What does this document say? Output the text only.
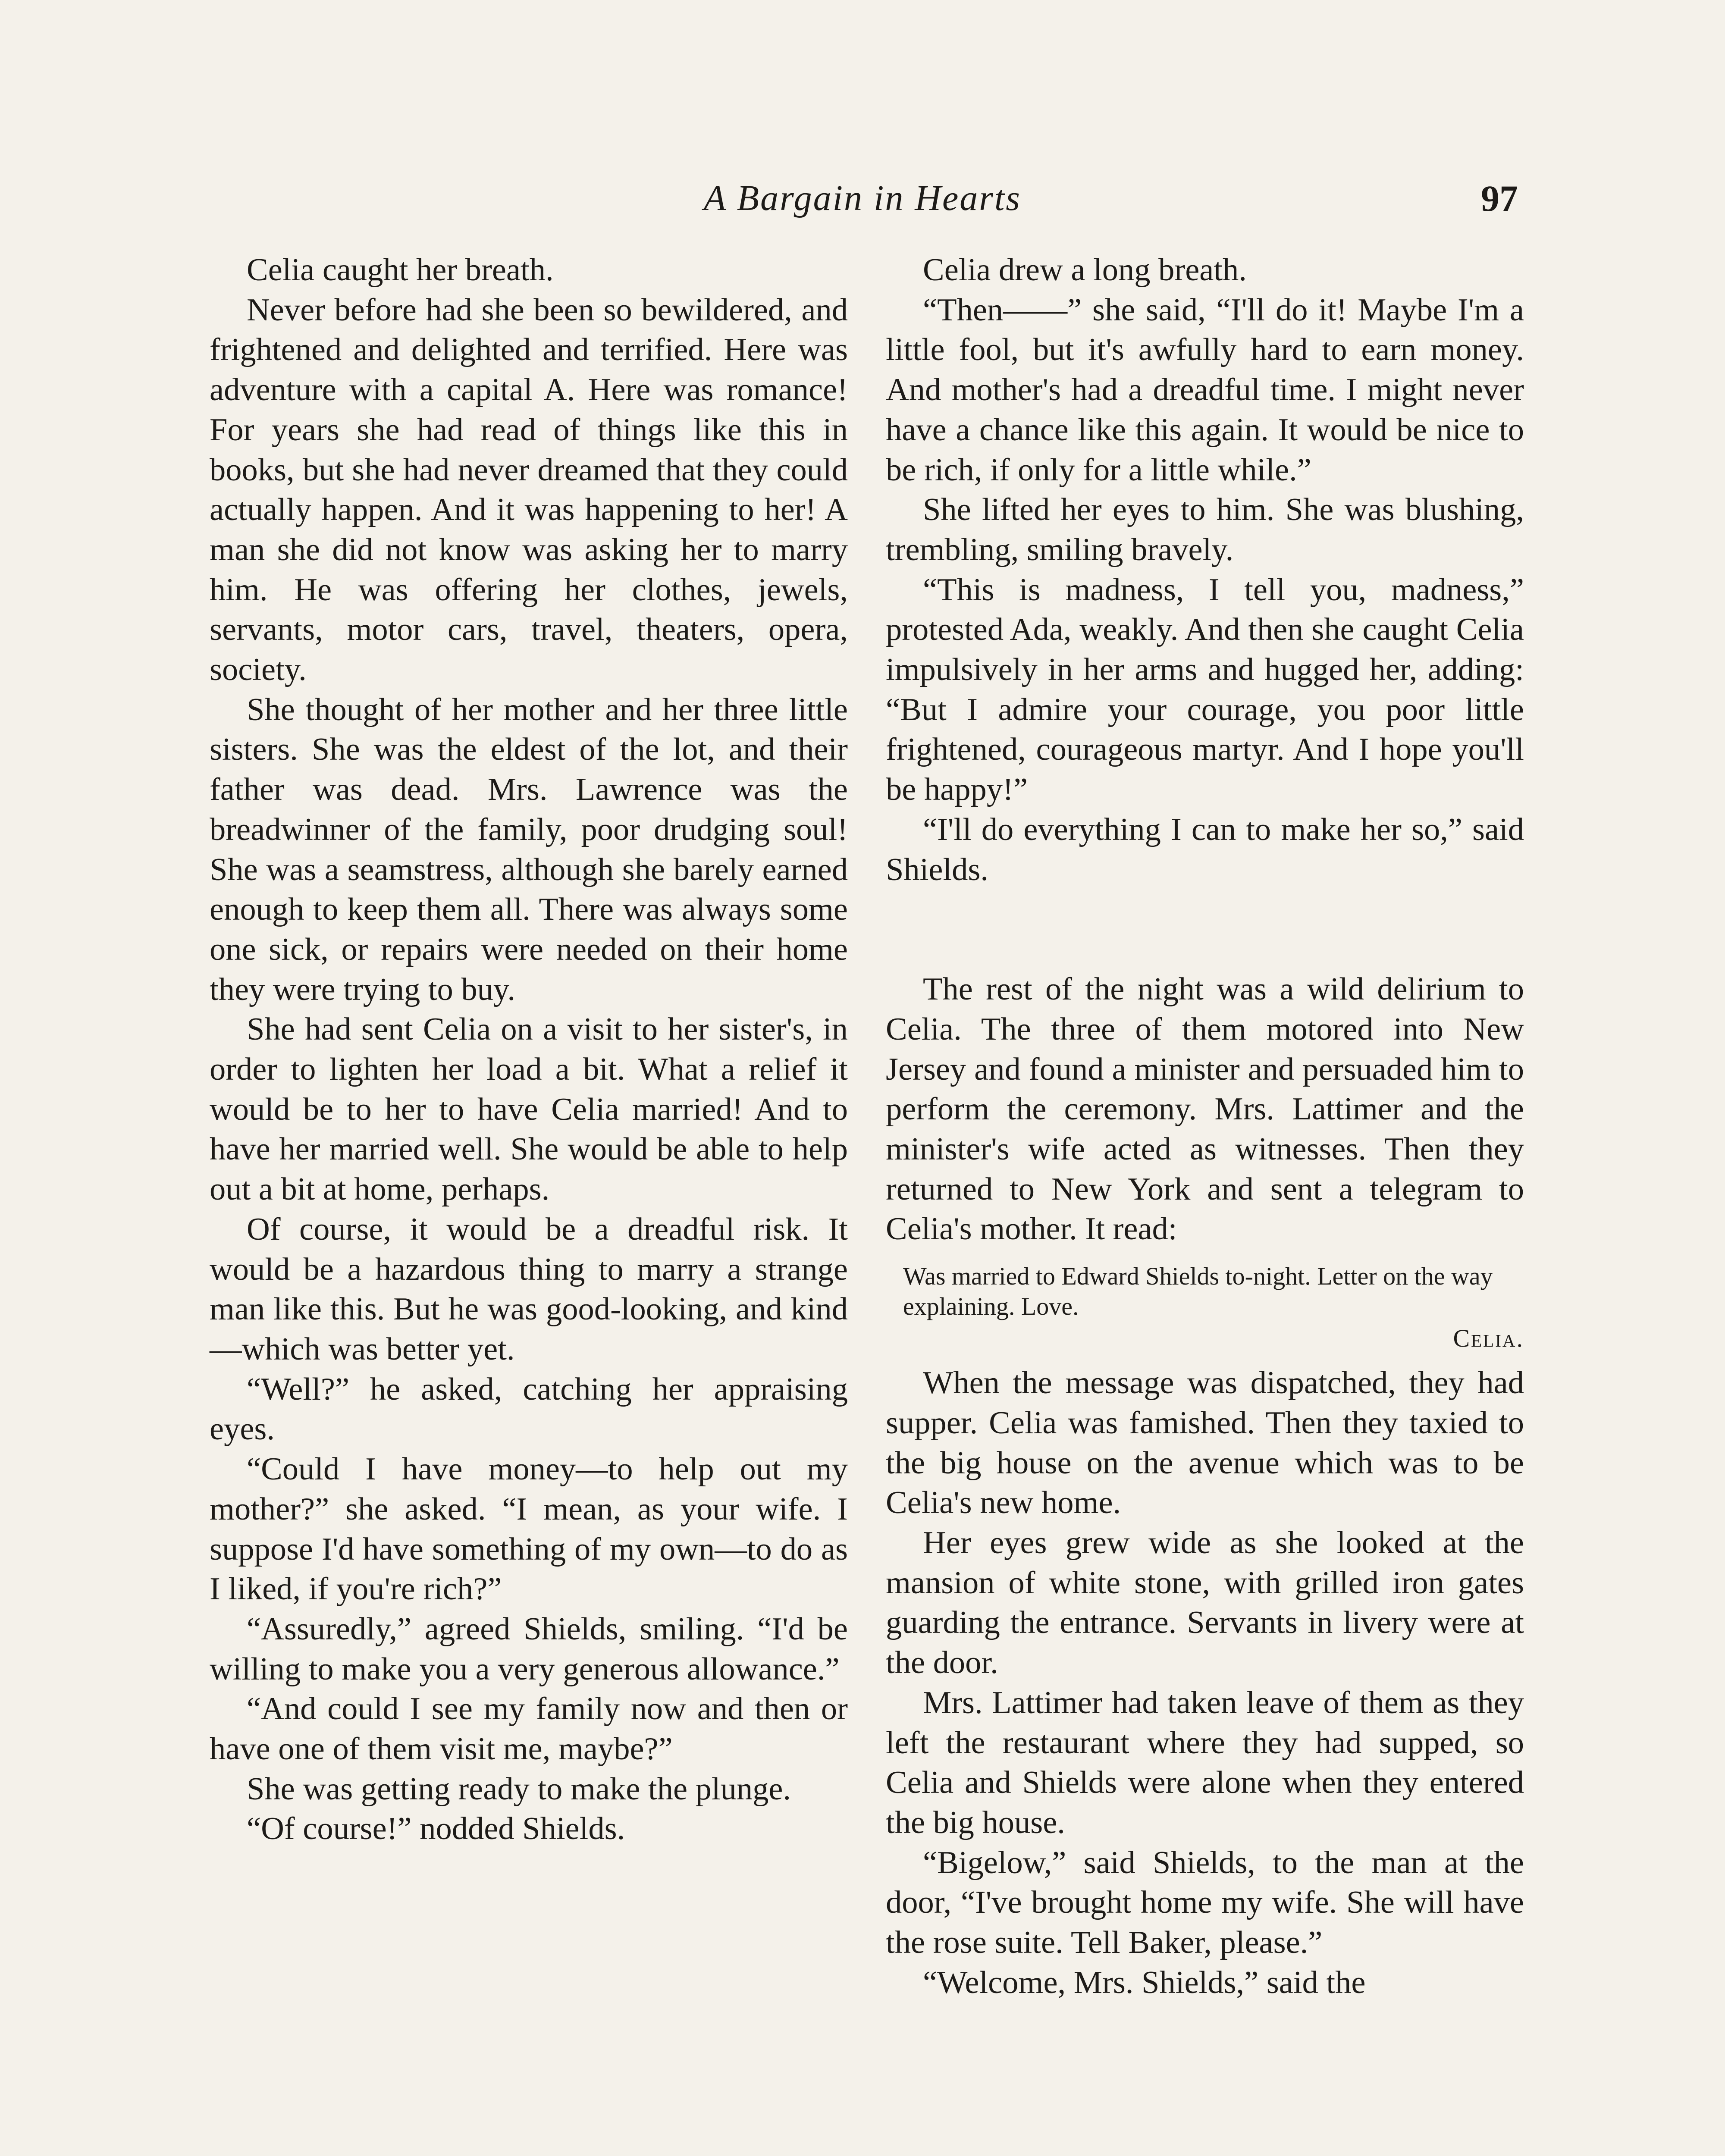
A Bargain in Hearts	97

Celia caught her breath.

Never before had she been so bewildered, and frightened and delighted and terrified. Here was adventure with a capital A. Here was romance! For years she had read of things like this in books, but she had never dreamed that they could actually happen. And it was happening to her! A man she did not know was asking her to marry him. He was offering her clothes, jewels, servants, motor cars, travel, theaters, opera, society.

She thought of her mother and her three little sisters. She was the eldest of the lot, and their father was dead. Mrs. Lawrence was the breadwinner of the family, poor drudging soul! She was a seamstress, although she barely earned enough to keep them all. There was always some one sick, or repairs were needed on their home they were trying to buy.

She had sent Celia on a visit to her sister's, in order to lighten her load a bit. What a relief it would be to her to have Celia married! And to have her married well. She would be able to help out a bit at home, perhaps.

Of course, it would be a dreadful risk. It would be a hazardous thing to marry a strange man like this. But he was good-looking, and kind—which was better yet.

“Well?” he asked, catching her appraising eyes.

“Could I have money—to help out my mother?” she asked. “I mean, as your wife. I suppose I'd have something of my own—to do as I liked, if you're rich?”

“Assuredly,” agreed Shields, smiling. “I'd be willing to make you a very generous allowance.”

“And could I see my family now and then or have one of them visit me, maybe?”

She was getting ready to make the plunge.

“Of course!” nodded Shields.

Celia drew a long breath.

“Then——” she said, “I'll do it! Maybe I'm a little fool, but it's awfully hard to earn money. And mother's had a dreadful time. I might never have a chance like this again. It would be nice to be rich, if only for a little while.”

She lifted her eyes to him. She was blushing, trembling, smiling bravely.

“This is madness, I tell you, madness,” protested Ada, weakly. And then she caught Celia impulsively in her arms and hugged her, adding: “But I admire your courage, you poor little frightened, courageous martyr. And I hope you'll be happy!”

“I'll do everything I can to make her so,” said Shields.

The rest of the night was a wild delirium to Celia. The three of them motored into New Jersey and found a minister and persuaded him to perform the ceremony. Mrs. Lattimer and the minister's wife acted as witnesses. Then they returned to New York and sent a telegram to Celia's mother. It read:

Was married to Edward Shields to-night. Letter on the way explaining. Love.
Celia.

When the message was dispatched, they had supper. Celia was famished. Then they taxied to the big house on the avenue which was to be Celia's new home.

Her eyes grew wide as she looked at the mansion of white stone, with grilled iron gates guarding the entrance. Servants in livery were at the door.

Mrs. Lattimer had taken leave of them as they left the restaurant where they had supped, so Celia and Shields were alone when they entered the big house.

“Bigelow,” said Shields, to the man at the door, “I've brought home my wife. She will have the rose suite. Tell Baker, please.”

“Welcome, Mrs. Shields,” said the
